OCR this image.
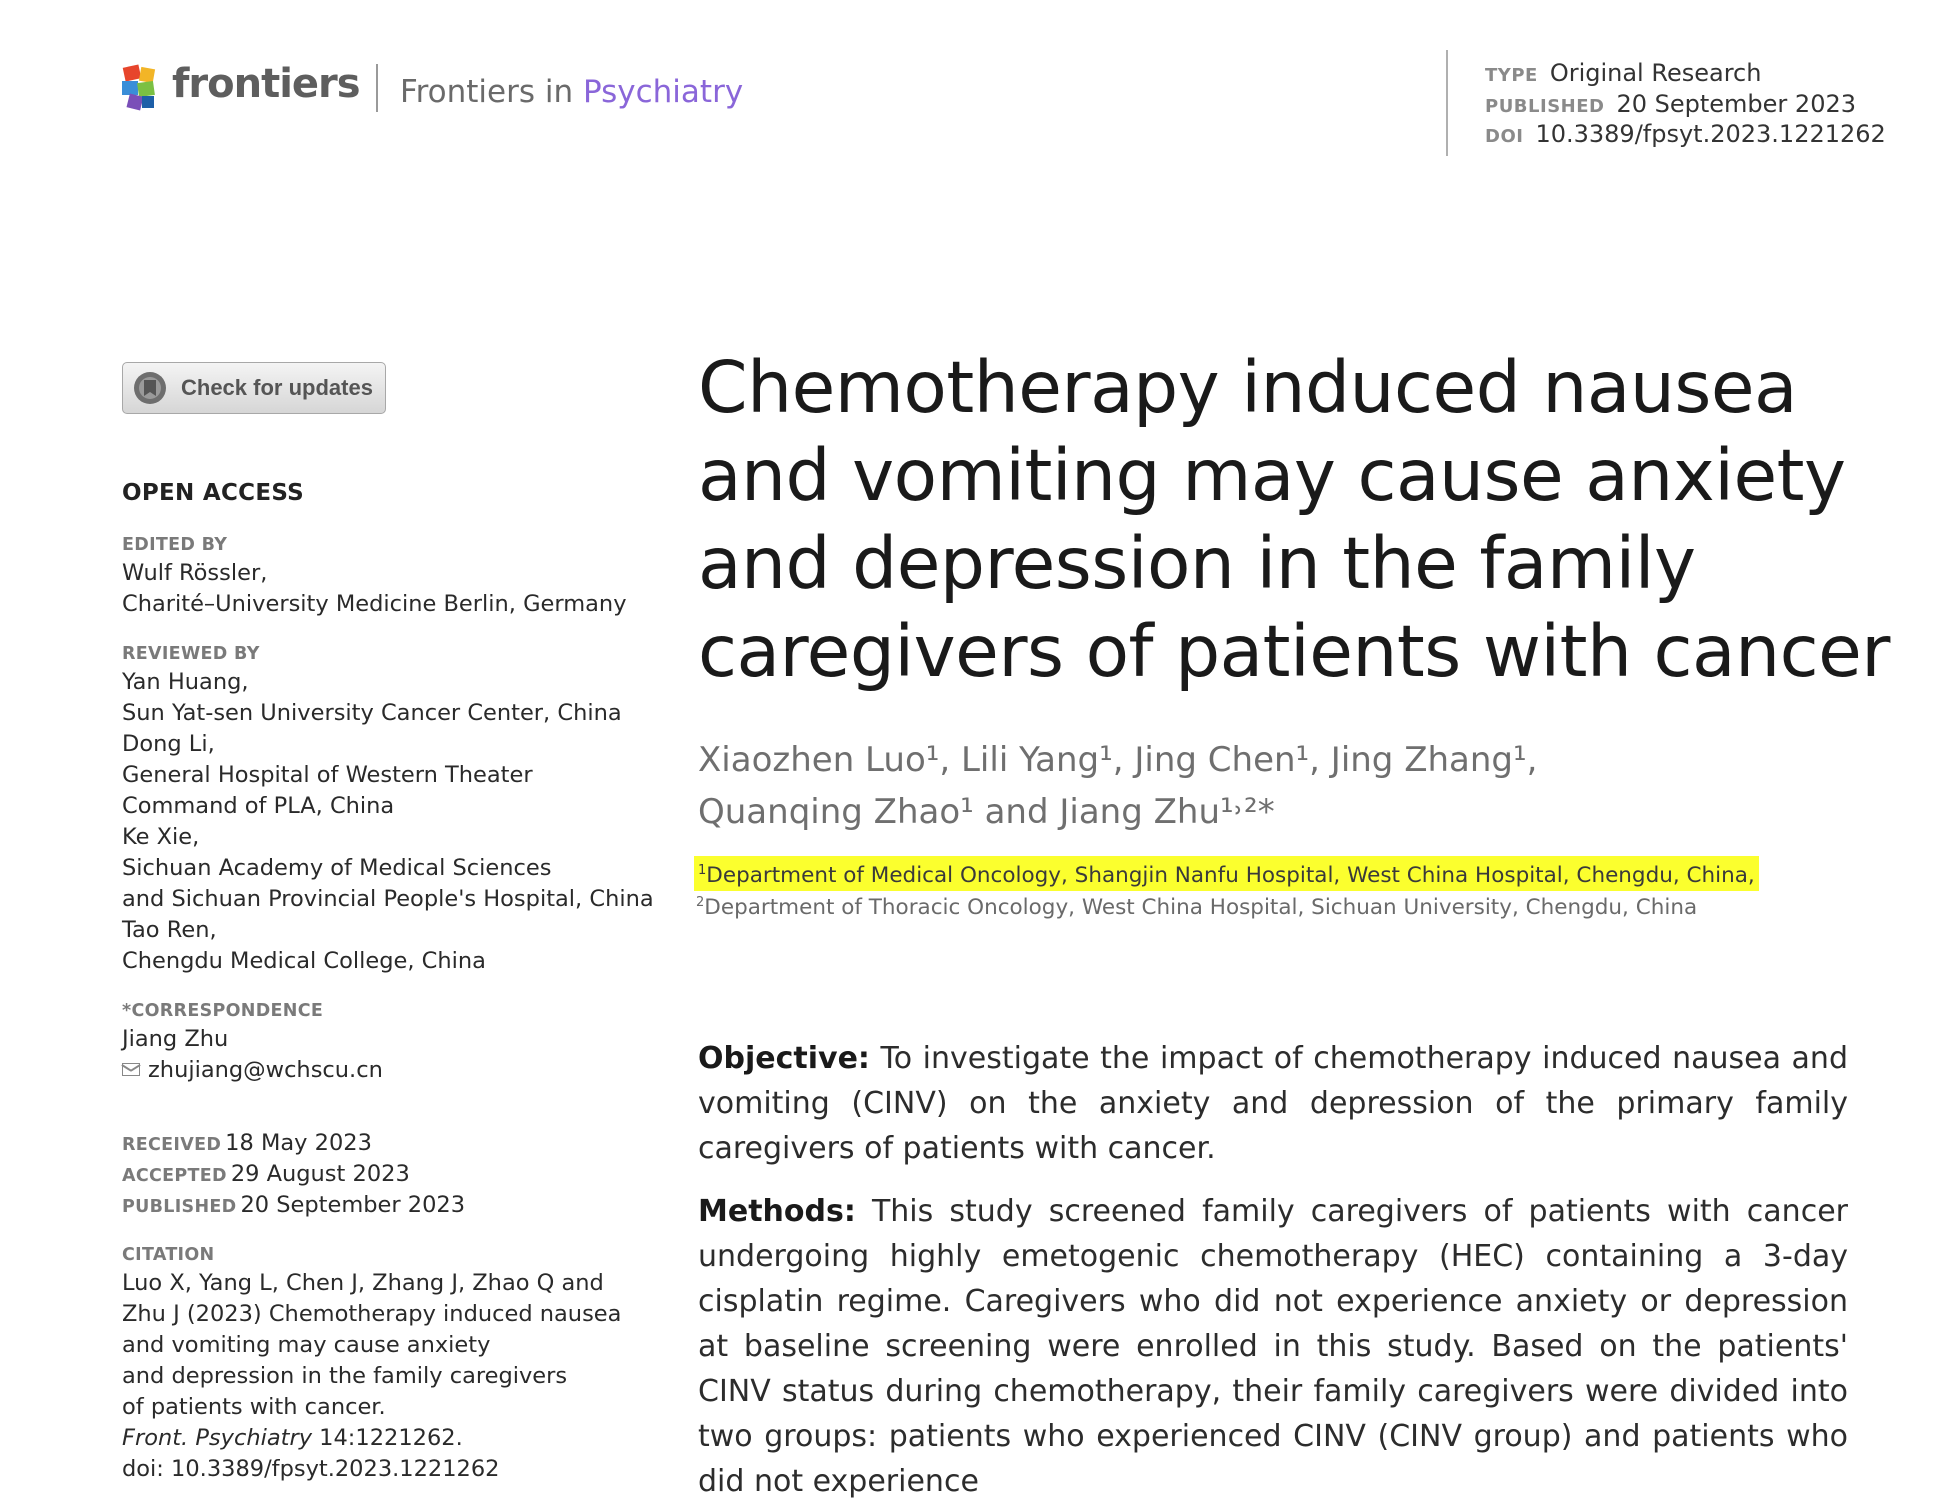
frontiers Frontiers in Psychiatry	TYPE Original Research
PUBLISHED 20 September 2023
DOI 10.3389/fpsyt.2023.1221262
Check for updates
OPEN ACCESS
EDITED BY
Wulf Rössler,
Charité–University Medicine Berlin, Germany
REVIEWED BY
Yan Huang,
Sun Yat-sen University Cancer Center, China
Dong Li,
General Hospital of Western Theater
Command of PLA, China
Ke Xie,
Sichuan Academy of Medical Sciences
and Sichuan Provincial People's Hospital, China
Tao Ren,
Chengdu Medical College, China
*CORRESPONDENCE
Jiang Zhu
zhujiang@wchscu.cn
RECEIVED 18 May 2023
ACCEPTED 29 August 2023
PUBLISHED 20 September 2023
CITATION
Luo X, Yang L, Chen J, Zhang J, Zhao Q and
Zhu J (2023) Chemotherapy induced nausea
and vomiting may cause anxiety
and depression in the family caregivers
of patients with cancer.
Front. Psychiatry 14:1221262.
doi: 10.3389/fpsyt.2023.1221262
Chemotherapy induced nausea
and vomiting may cause anxiety
and depression in the family
caregivers of patients with cancer

Xiaozhen Luo¹, Lili Yang¹, Jing Chen¹, Jing Zhang¹,
Quanqing Zhao¹ and Jiang Zhu¹˒²*

$^1$Department of Medical Oncology, Shangjin Nanfu Hospital, West China Hospital, Chengdu, China,
$^2$Department of Thoracic Oncology, West China Hospital, Sichuan University, Chengdu, China

Objective: To investigate the impact of chemotherapy induced nausea and vomiting (CINV) on the anxiety and depression of the primary family caregivers of patients with cancer.

Methods: This study screened family caregivers of patients with cancer undergoing highly emetogenic chemotherapy (HEC) containing a 3-day cisplatin regime. Caregivers who did not experience anxiety or depression at baseline screening were enrolled in this study. Based on the patients' CINV status during chemotherapy, their family caregivers were divided into two groups: patients who experienced CINV (CINV group) and patients who did not experience
